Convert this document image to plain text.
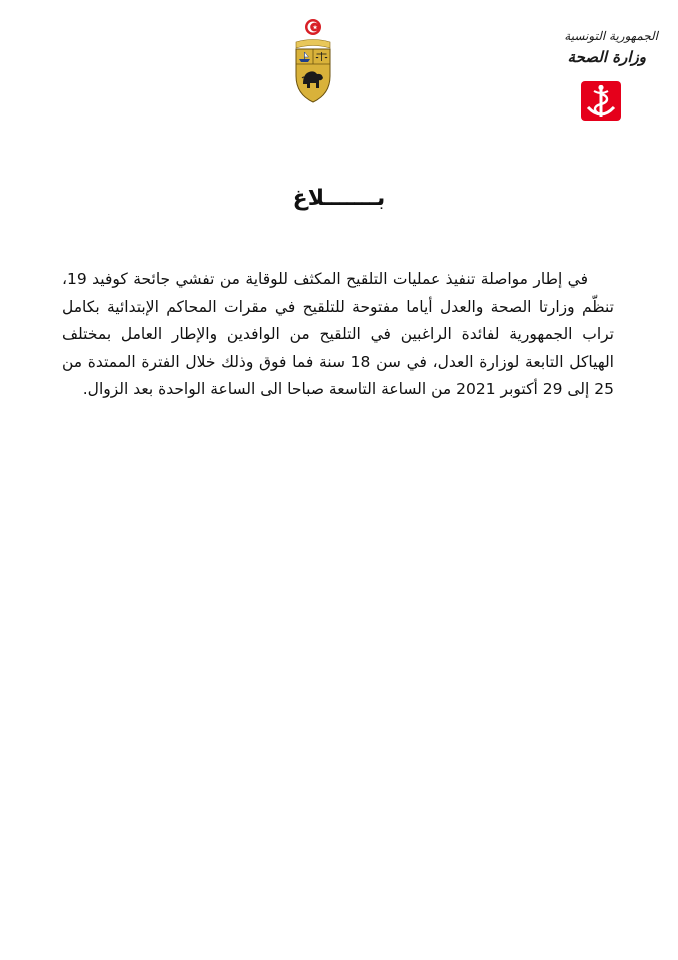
الجمهورية التونسية
وزارة الصحة
بـــــــلاغ

في إطار مواصلة تنفيذ عمليات التلقيح المكثف للوقاية من تفشي جائحة كوفيد 19، تنظّم وزارتا الصحة والعدل أياما مفتوحة للتلقيح في مقرات المحاكم الإبتدائية بكامل تراب الجمهورية لفائدة الراغبين في التلقيح من الوافدين والإطار العامل بمختلف الهياكل التابعة لوزارة العدل، في سن 18 سنة فما فوق وذلك خلال الفترة الممتدة من 25 إلى 29 أكتوبر 2021 من الساعة التاسعة صباحا الى الساعة الواحدة بعد الزوال.
